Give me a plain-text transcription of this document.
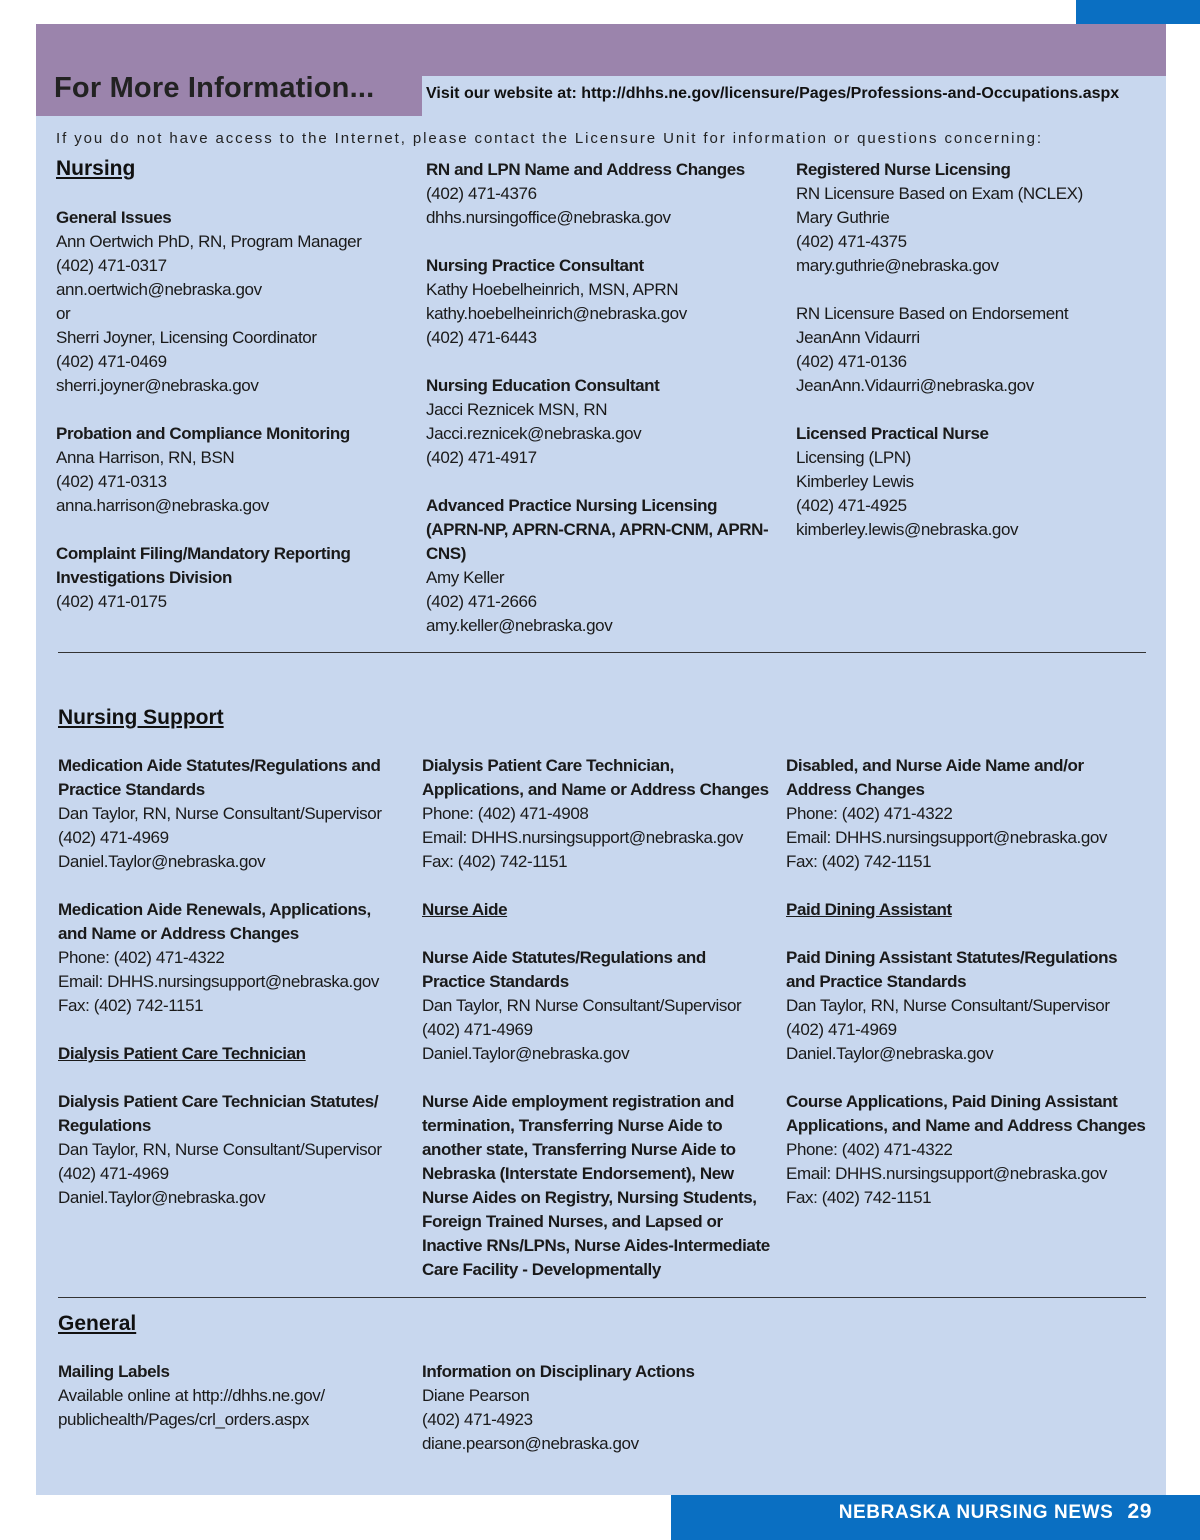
For More Information...	Visit our website at: http://dhhs.ne.gov/licensure/Pages/Professions-and-Occupations.aspx
If you do not have access to the Internet, please contact the Licensure Unit for information or questions concerning:
Nursing
General Issues
Ann Oertwich PhD, RN, Program Manager
(402) 471-0317
ann.oertwich@nebraska.gov
or
Sherri Joyner, Licensing Coordinator
(402) 471-0469
sherri.joyner@nebraska.gov
Probation and Compliance Monitoring
Anna Harrison, RN, BSN
(402) 471-0313
anna.harrison@nebraska.gov
Complaint Filing/Mandatory Reporting
Investigations Division
(402) 471-0175
RN and LPN Name and Address Changes
(402) 471-4376
dhhs.nursingoffice@nebraska.gov
Nursing Practice Consultant
Kathy Hoebelheinrich, MSN, APRN
kathy.hoebelheinrich@nebraska.gov
(402) 471-6443
Nursing Education Consultant
Jacci Reznicek MSN, RN
Jacci.reznicek@nebraska.gov
(402) 471-4917
Advanced Practice Nursing Licensing (APRN-NP, APRN-CRNA, APRN-CNM, APRN-CNS)
Amy Keller
(402) 471-2666
amy.keller@nebraska.gov
Registered Nurse Licensing
RN Licensure Based on Exam (NCLEX)
Mary Guthrie
(402) 471-4375
mary.guthrie@nebraska.gov
RN Licensure Based on Endorsement
JeanAnn Vidaurri
(402) 471-0136
JeanAnn.Vidaurri@nebraska.gov
Licensed Practical Nurse
Licensing (LPN)
Kimberley Lewis
(402) 471-4925
kimberley.lewis@nebraska.gov
Nursing Support
Medication Aide Statutes/Regulations and Practice Standards
Dan Taylor, RN, Nurse Consultant/Supervisor
(402) 471-4969
Daniel.Taylor@nebraska.gov
Medication Aide Renewals, Applications, and Name or Address Changes
Phone: (402) 471-4322
Email: DHHS.nursingsupport@nebraska.gov
Fax: (402) 742-1151
Dialysis Patient Care Technician
Dialysis Patient Care Technician Statutes/ Regulations
Dan Taylor, RN, Nurse Consultant/Supervisor
(402) 471-4969
Daniel.Taylor@nebraska.gov
Dialysis Patient Care Technician, Applications, and Name or Address Changes
Phone: (402) 471-4908
Email: DHHS.nursingsupport@nebraska.gov
Fax: (402) 742-1151
Nurse Aide
Nurse Aide Statutes/Regulations and Practice Standards
Dan Taylor, RN Nurse Consultant/Supervisor
(402) 471-4969
Daniel.Taylor@nebraska.gov
Nurse Aide employment registration and termination, Transferring Nurse Aide to another state, Transferring Nurse Aide to Nebraska (Interstate Endorsement), New Nurse Aides on Registry, Nursing Students, Foreign Trained Nurses, and Lapsed or Inactive RNs/LPNs, Nurse Aides-Intermediate Care Facility - Developmentally
Disabled, and Nurse Aide Name and/or Address Changes
Phone: (402) 471-4322
Email: DHHS.nursingsupport@nebraska.gov
Fax: (402) 742-1151
Paid Dining Assistant
Paid Dining Assistant Statutes/Regulations and Practice Standards
Dan Taylor, RN, Nurse Consultant/Supervisor
(402) 471-4969
Daniel.Taylor@nebraska.gov
Course Applications, Paid Dining Assistant Applications, and Name and Address Changes
Phone: (402) 471-4322
Email: DHHS.nursingsupport@nebraska.gov
Fax: (402) 742-1151
General
Mailing Labels
Available online at http://dhhs.ne.gov/
publichealth/Pages/crl_orders.aspx
Information on Disciplinary Actions
Diane Pearson
(402) 471-4923
diane.pearson@nebraska.gov
NEBRASKA NURSING NEWS 29
